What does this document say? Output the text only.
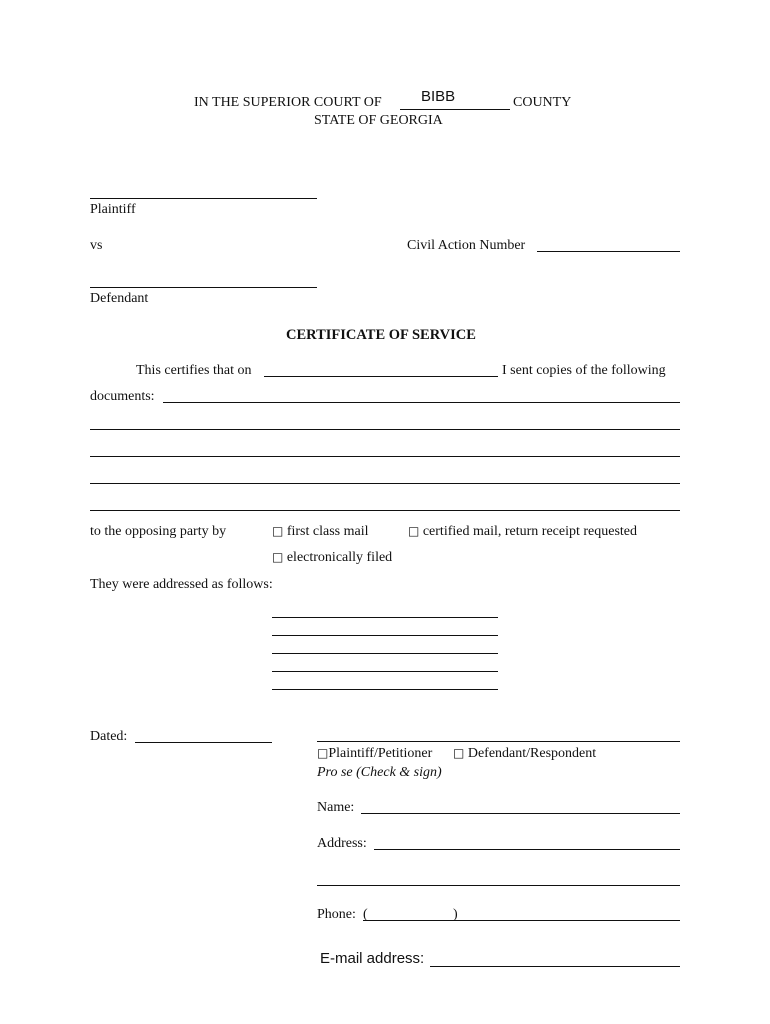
IN THE SUPERIOR COURT OF	BIBB	COUNTY
STATE OF GEORGIA
Plaintiff
vs	Civil Action Number
Defendant
CERTIFICATE OF SERVICE
This certifies that on	I sent copies of the following
documents:
to the opposing party by	□ first class mail	□ certified mail, return receipt requested
□ electronically filed
They were addressed as follows:
Dated:
□Plaintiff/Petitioner □ Defendant/Respondent
Pro se (Check & sign)
Name:
Address:
Phone: (	)
E-mail address:
